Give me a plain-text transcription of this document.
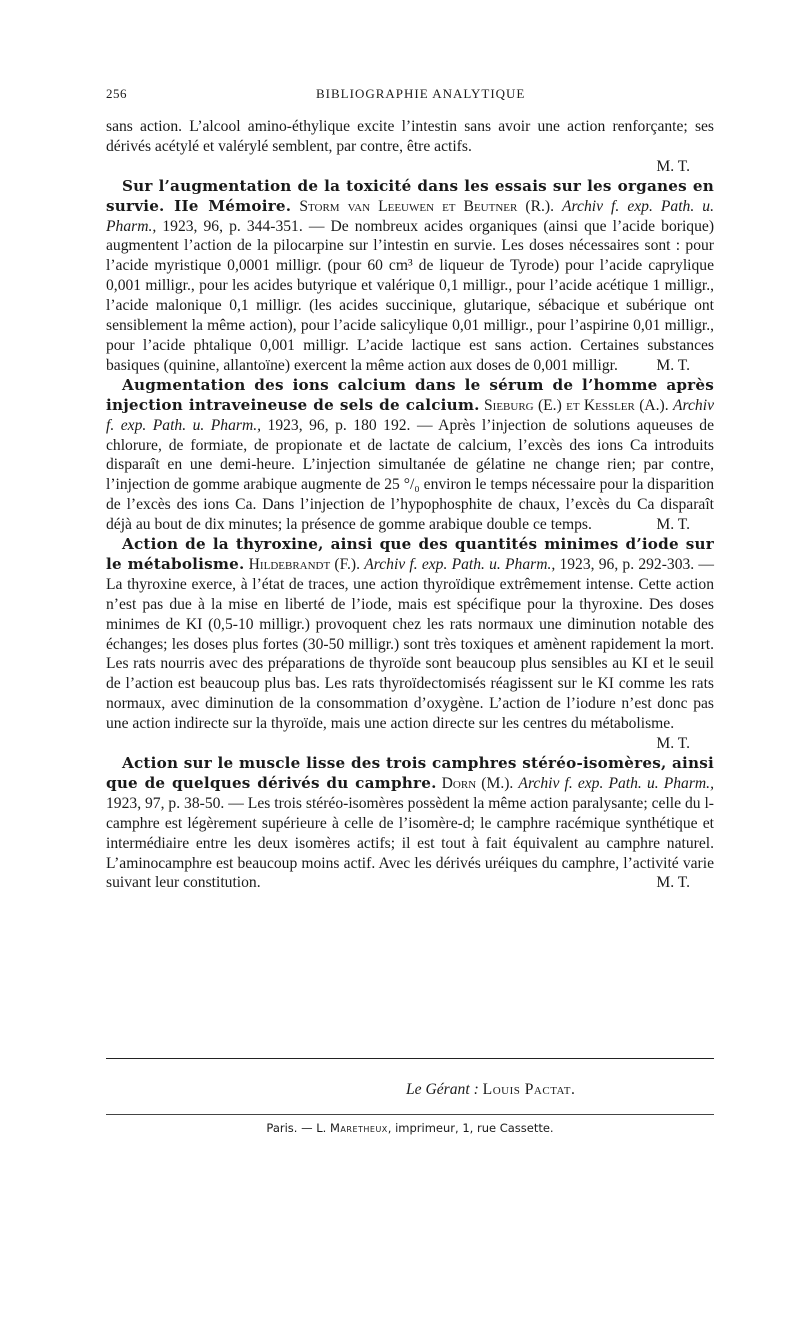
256	BIBLIOGRAPHIE ANALYTIQUE

sans action. L’alcool amino-éthylique excite l’intestin sans avoir une action renforçante; ses dérivés acétylé et valérylé semblent, par contre, être actifs.

M. T.

Sur l’augmentation de la toxicité dans les essais sur les organes en survie. IIe Mémoire. Storm van Leeuwen et Beutner (R.). Archiv f. exp. Path. u. Pharm., 1923, 96, p. 344-351. — De nombreux acides organiques (ainsi que l’acide borique) augmentent l’action de la pilocarpine sur l’intestin en survie. Les doses nécessaires sont : pour l’acide myristique 0,0001 milligr. (pour 60 cm³ de liqueur de Tyrode) pour l’acide caprylique 0,001 milligr., pour les acides butyrique et valérique 0,1 milligr., pour l’acide acétique 1 milligr., l’acide malonique 0,1 milligr. (les acides succinique, glutarique, sébacique et subérique ont sensiblement la même action), pour l’acide salicylique 0,01 milligr., pour l’aspirine 0,01 milligr., pour l’acide phtalique 0,001 milligr. L’acide lactique est sans action. Certaines substances basiques (quinine, allantoïne) exercent la même action aux doses de 0,001 milligr.	M. T.

Augmentation des ions calcium dans le sérum de l’homme après injection intraveineuse de sels de calcium. Sieburg (E.) et Kessler (A.). Archiv f. exp. Path. u. Pharm., 1923, 96, p. 180 192. — Après l’injection de solutions aqueuses de chlorure, de formiate, de propionate et de lactate de calcium, l’excès des ions Ca introduits disparaît en une demi-heure. L’injection simultanée de gélatine ne change rien; par contre, l’injection de gomme arabique augmente de 25 °/₀ environ le temps nécessaire pour la disparition de l’excès des ions Ca. Dans l’injection de l’hypophosphite de chaux, l’excès du Ca disparaît déjà au bout de dix minutes; la présence de gomme arabique double ce temps.	M. T.

Action de la thyroxine, ainsi que des quantités minimes d’iode sur le métabolisme. Hildebrandt (F.). Archiv f. exp. Path. u. Pharm., 1923, 96, p. 292-303. — La thyroxine exerce, à l’état de traces, une action thyroïdique extrêmement intense. Cette action n’est pas due à la mise en liberté de l’iode, mais est spécifique pour la thyroxine. Des doses minimes de KI (0,5-10 milligr.) provoquent chez les rats normaux une diminution notable des échanges; les doses plus fortes (30-50 milligr.) sont très toxiques et amènent rapidement la mort. Les rats nourris avec des préparations de thyroïde sont beaucoup plus sensibles au KI et le seuil de l’action est beaucoup plus bas. Les rats thyroïdectomisés réagissent sur le KI comme les rats normaux, avec diminution de la consommation d’oxygène. L’action de l’iodure n’est donc pas une action indirecte sur la thyroïde, mais une action directe sur les centres du métabolisme.
M. T.

Action sur le muscle lisse des trois camphres stéréo-isomères, ainsi que de quelques dérivés du camphre. Dorn (M.). Archiv f. exp. Path. u. Pharm., 1923, 97, p. 38-50. — Les trois stéréo-isomères possèdent la même action paralysante; celle du l-camphre est légèrement supérieure à celle de l’isomère-d; le camphre racémique synthétique et intermédiaire entre les deux isomères actifs; il est tout à fait équivalent au camphre naturel. L’aminocamphre est beaucoup moins actif. Avec les dérivés uréiques du camphre, l’activité varie suivant leur constitution.	M. T.

Le Gérant : Louis Pactat.
Paris. — L. Maretheux, imprimeur, 1, rue Cassette.
